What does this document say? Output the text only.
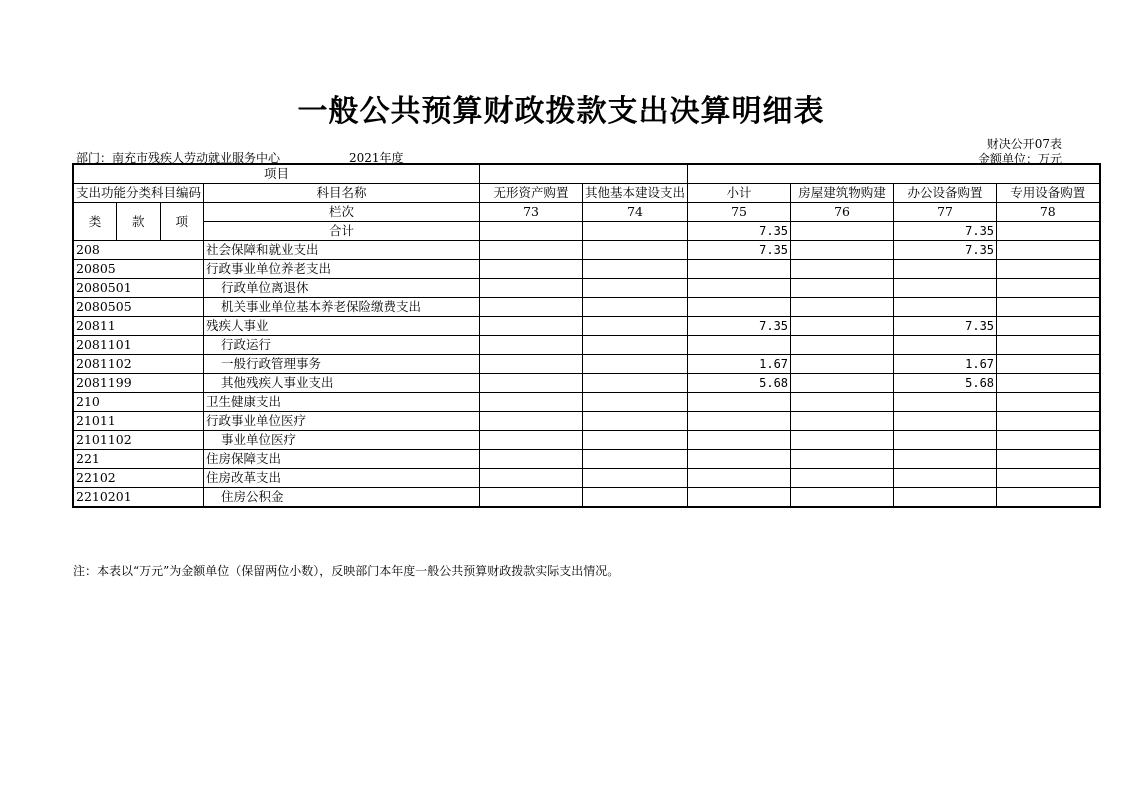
一般公共预算财政拨款支出决算明细表
财决公开07表
部门：南充市残疾人劳动就业服务中心	2021年度	金额单位：万元
项目									
支出功能分类科目编码			科目名称	无形资产购置	其他基本建设支出	小计	房屋建筑物购建	办公设备购置	专用设备购置
类	款	项	栏次	73	74	75	76	77	78
			合计			7.35		7.35	
208			社会保障和就业支出			7.35		7.35	
20805			行政事业单位养老支出						
2080501			行政单位离退休						
2080505			机关事业单位基本养老保险缴费支出						
20811			残疾人事业			7.35		7.35	
2081101			行政运行						
2081102			一般行政管理事务			1.67		1.67	
2081199			其他残疾人事业支出			5.68		5.68	
210			卫生健康支出						
21011			行政事业单位医疗						
2101102			事业单位医疗						
221			住房保障支出						
22102			住房改革支出						
2210201			住房公积金						
注：本表以“万元”为金额单位（保留两位小数），反映部门本年度一般公共预算财政拨款实际支出情况。
